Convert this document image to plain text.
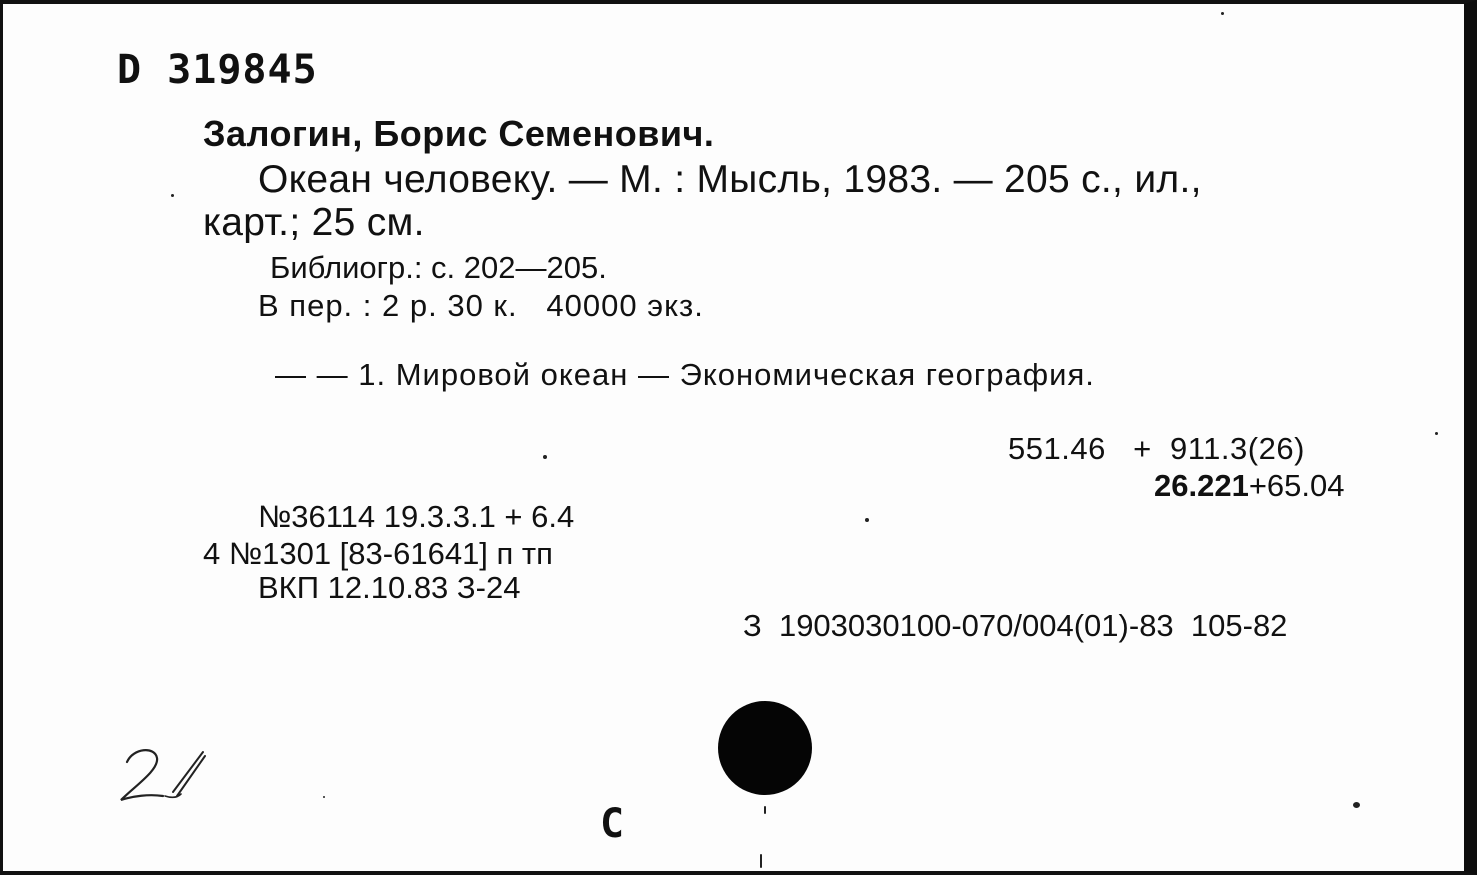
D 319845
Залогин, Борис Семенович.
Океан человеку. — М. : Мысль, 1983. — 205 с., ил.,
карт.; 25 см.
Библиогр.: с. 202—205.
В пер. : 2 р. 30 к.   40000 экз.
— — 1. Мировой океан — Экономическая география.
551.46   +  911.3(26)
26.221+65.04
№36114 19.3.3.1 + 6.4
4 №1301 [83-61641] п тп
ВКП 12.10.83 З-24
З  1903030100-070/004(01)-83  105-82
С
